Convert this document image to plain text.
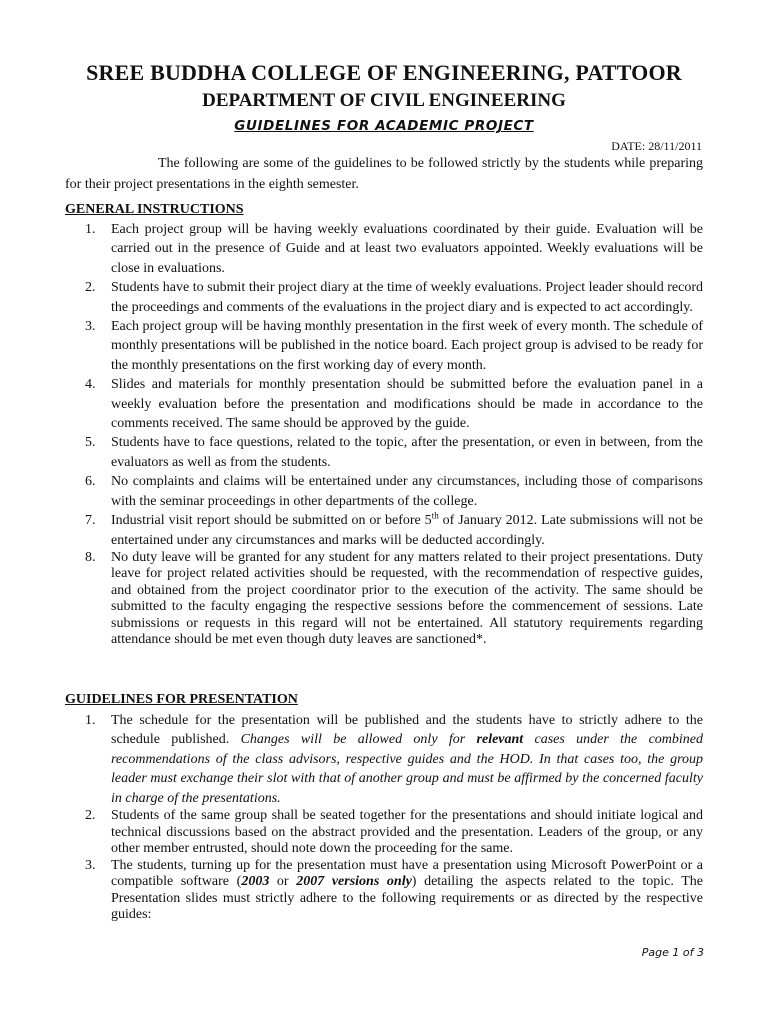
SREE BUDDHA COLLEGE OF ENGINEERING, PATTOOR
DEPARTMENT OF CIVIL ENGINEERING
GUIDELINES FOR ACADEMIC PROJECT
DATE: 28/11/2011

The following are some of the guidelines to be followed strictly by the students while preparing for their project presentations in the eighth semester.

GENERAL INSTRUCTIONS
1. Each project group will be having weekly evaluations coordinated by their guide. Evaluation will be carried out in the presence of Guide and at least two evaluators appointed. Weekly evaluations will be close in evaluations.
2. Students have to submit their project diary at the time of weekly evaluations. Project leader should record the proceedings and comments of the evaluations in the project diary and is expected to act accordingly.
3. Each project group will be having monthly presentation in the first week of every month. The schedule of monthly presentations will be published in the notice board. Each project group is advised to be ready for the monthly presentations on the first working day of every month.
4. Slides and materials for monthly presentation should be submitted before the evaluation panel in a weekly evaluation before the presentation and modifications should be made in accordance to the comments received. The same should be approved by the guide.
5. Students have to face questions, related to the topic, after the presentation, or even in between, from the evaluators as well as from the students.
6. No complaints and claims will be entertained under any circumstances, including those of comparisons with the seminar proceedings in other departments of the college.
7. Industrial visit report should be submitted on or before 5th of January 2012. Late submissions will not be entertained under any circumstances and marks will be deducted accordingly.
8. No duty leave will be granted for any student for any matters related to their project presentations. Duty leave for project related activities should be requested, with the recommendation of respective guides, and obtained from the project coordinator prior to the execution of the activity. The same should be submitted to the faculty engaging the respective sessions before the commencement of sessions. Late submissions or requests in this regard will not be entertained. All statutory requirements regarding attendance should be met even though duty leaves are sanctioned*.
GUIDELINES FOR PRESENTATION
1. The schedule for the presentation will be published and the students have to strictly adhere to the schedule published. Changes will be allowed only for relevant cases under the combined recommendations of the class advisors, respective guides and the HOD. In that cases too, the group leader must exchange their slot with that of another group and must be affirmed by the concerned faculty in charge of the presentations.
2. Students of the same group shall be seated together for the presentations and should initiate logical and technical discussions based on the abstract provided and the presentation. Leaders of the group, or any other member entrusted, should note down the proceeding for the same.
3. The students, turning up for the presentation must have a presentation using Microsoft PowerPoint or a compatible software (2003 or 2007 versions only) detailing the aspects related to the topic. The Presentation slides must strictly adhere to the following requirements or as directed by the respective guides:
Page 1 of 3
